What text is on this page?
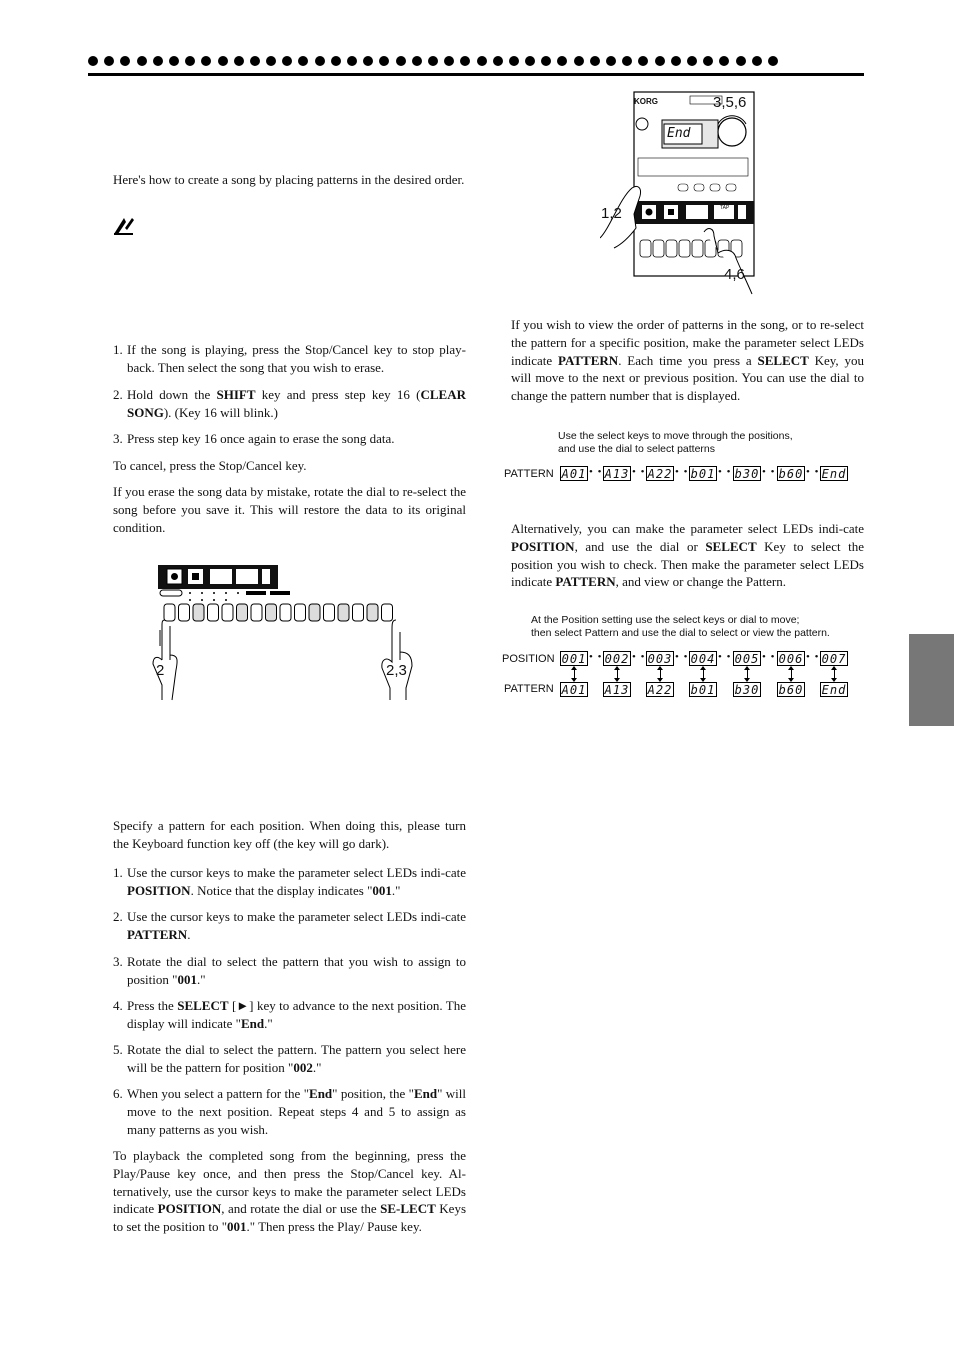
Here's how to create a song by placing patterns in the desired order.

1. If the song is playing, press the Stop/Cancel key to stop play-back. Then select the song that you wish to erase.

2. Hold down the SHIFT key and press step key 16 (CLEAR SONG). (Key 16 will blink.)

3. Press step key 16 once again to erase the song data.

To cancel, press the Stop/Cancel key.

If you erase the song data by mistake, rotate the dial to re-select the song before you save it. This will restore the data to its original condition.

2	2,3

Specify a pattern for each position. When doing this, please turn the Keyboard function key off (the key will go dark).

1. Use the cursor keys to make the parameter select LEDs indi-cate POSITION. Notice that the display indicates "001."

2. Use the cursor keys to make the parameter select LEDs indi-cate PATTERN.

3. Rotate the dial to select the pattern that you wish to assign to position "001."

4. Press the SELECT [►] key to advance to the next position. The display will indicate "End."

5. Rotate the dial to select the pattern. The pattern you select here will be the pattern for position "002."

6. When you select a pattern for the "End" position, the "End" will move to the next position. Repeat steps 4 and 5 to assign as many patterns as you wish.

To playback the completed song from the beginning, press the Play/Pause key once, and then press the Stop/Cancel key. Al-ternatively, use the cursor keys to make the parameter select LEDs indicate POSITION, and rotate the dial or use the SE-LECT Keys to set the position to "001." Then press the Play/ Pause key.

KORG
TAP
End
3,5,6
1,2
4,6

If you wish to view the order of patterns in the song, or to re-select the pattern for a specific position, make the parameter select LEDs indicate PATTERN. Each time you press a SELECT Key, you will move to the next or previous position. You can use the dial to change the pattern number that is displayed.

Use the select keys to move through the positions,
and use the dial to select patterns
PATTERN A01 • • A13 • • A22 • • b01 • • b30 • • b60 • • End

Alternatively, you can make the parameter select LEDs indi-cate POSITION, and use the dial or SELECT Key to select the position you wish to check. Then make the parameter select LEDs indicate PATTERN, and view or change the Pattern.

At the Position setting use the select keys or dial to move;
then select Pattern and use the dial to select or view the pattern.
POSITION
PATTERN
001 • • 002 • • 003 • • 004 • • 005 • • 006 • • 007
A01 A13 A22 b01 b30 b60 End
